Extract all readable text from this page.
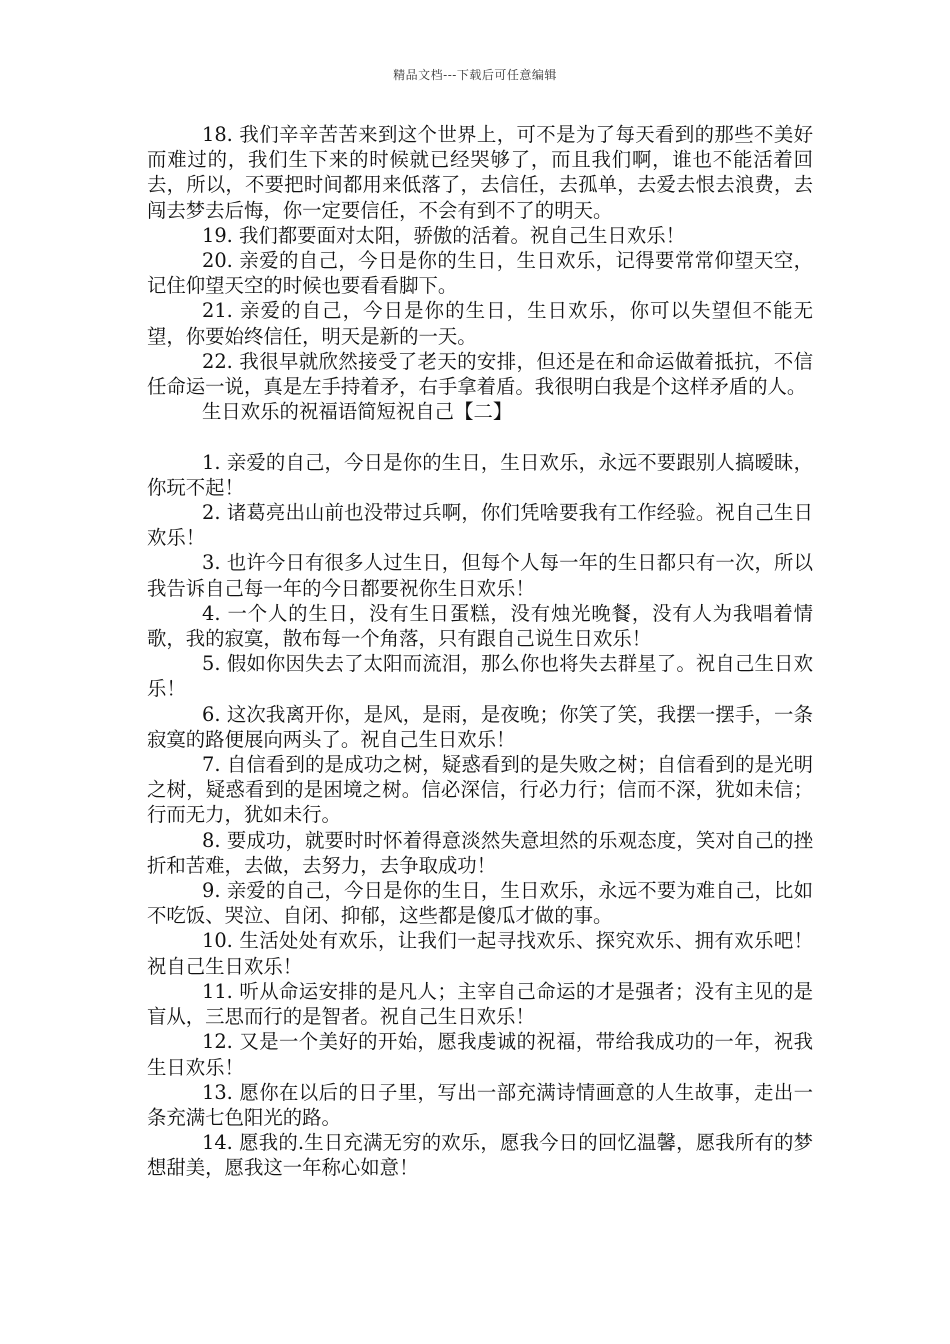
精品文档---下载后可任意编辑

18. 我们辛辛苦苦来到这个世界上，可不是为了每天看到的那些不美好而难过的，我们生下来的时候就已经哭够了，而且我们啊，谁也不能活着回去，所以，不要把时间都用来低落了，去信任，去孤单，去爱去恨去浪费，去闯去梦去后悔，你一定要信任，不会有到不了的明天。

19. 我们都要面对太阳，骄傲的活着。祝自己生日欢乐！

20. 亲爱的自己，今日是你的生日，生日欢乐，记得要常常仰望天空，记住仰望天空的时候也要看看脚下。

21. 亲爱的自己，今日是你的生日，生日欢乐，你可以失望但不能无望，你要始终信任，明天是新的一天。

22. 我很早就欣然接受了老天的安排，但还是在和命运做着抵抗，不信任命运一说，真是左手持着矛，右手拿着盾。我很明白我是个这样矛盾的人。

生日欢乐的祝福语简短祝自己【二】

1. 亲爱的自己，今日是你的生日，生日欢乐，永远不要跟别人搞暧昧，你玩不起！

2. 诸葛亮出山前也没带过兵啊，你们凭啥要我有工作经验。祝自己生日欢乐！

3. 也许今日有很多人过生日，但每个人每一年的生日都只有一次，所以我告诉自己每一年的今日都要祝你生日欢乐！

4. 一个人的生日，没有生日蛋糕，没有烛光晚餐，没有人为我唱着情歌，我的寂寞，散布每一个角落，只有跟自己说生日欢乐！

5. 假如你因失去了太阳而流泪，那么你也将失去群星了。祝自己生日欢乐！

6. 这次我离开你，是风，是雨，是夜晚；你笑了笑，我摆一摆手，一条寂寞的路便展向两头了。祝自己生日欢乐！

7. 自信看到的是成功之树，疑惑看到的是失败之树；自信看到的是光明之树，疑惑看到的是困境之树。信必深信，行必力行；信而不深，犹如未信；行而无力，犹如未行。

8. 要成功，就要时时怀着得意淡然失意坦然的乐观态度，笑对自己的挫折和苦难，去做，去努力，去争取成功！

9. 亲爱的自己，今日是你的生日，生日欢乐，永远不要为难自己，比如不吃饭、哭泣、自闭、抑郁，这些都是傻瓜才做的事。

10. 生活处处有欢乐，让我们一起寻找欢乐、探究欢乐、拥有欢乐吧！祝自己生日欢乐！

11. 听从命运安排的是凡人；主宰自己命运的才是强者；没有主见的是盲从，三思而行的是智者。祝自己生日欢乐！

12. 又是一个美好的开始，愿我虔诚的祝福，带给我成功的一年，祝我生日欢乐！

13. 愿你在以后的日子里，写出一部充满诗情画意的人生故事，走出一条充满七色阳光的路。

14. 愿我的.生日充满无穷的欢乐，愿我今日的回忆温馨，愿我所有的梦想甜美，愿我这一年称心如意！
